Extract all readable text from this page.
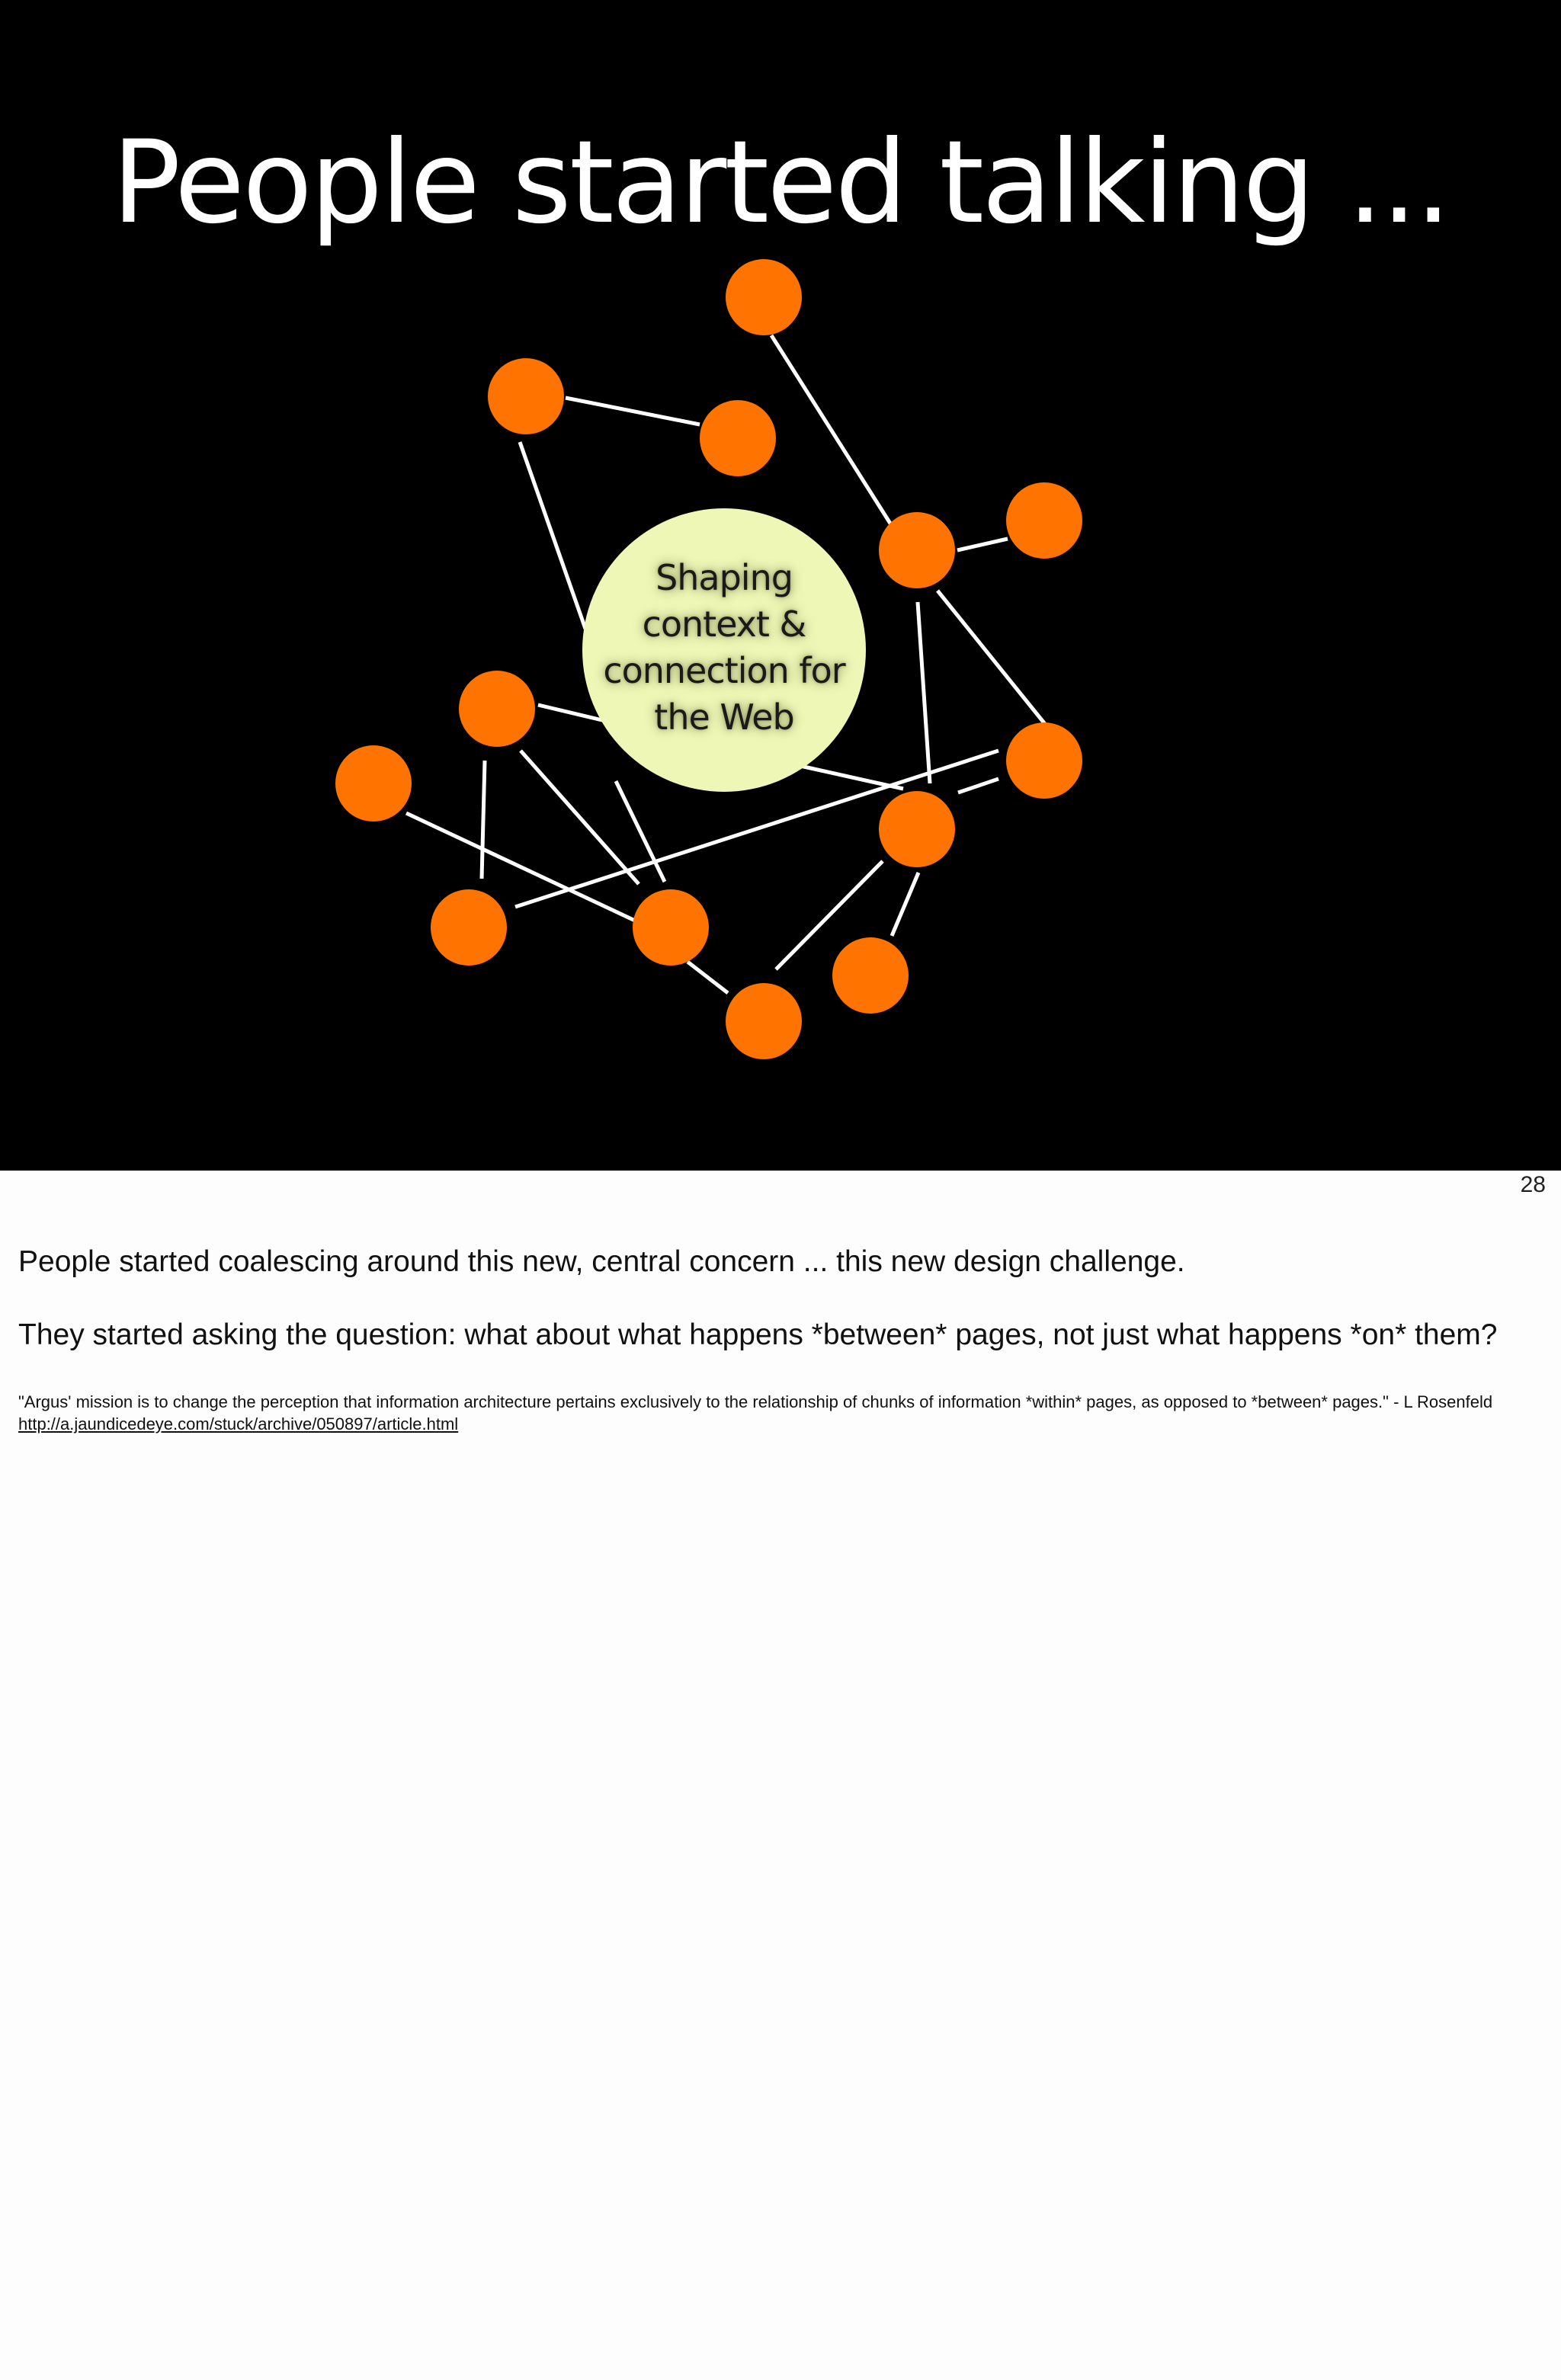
People started talking ...
Shaping
context &
connection for
the Web
28

People started coalescing around this new, central concern ... this new design challenge.

They started asking the question: what about what happens *between* pages, not just what happens *on* them?

"Argus' mission is to change the perception that information architecture pertains exclusively to the relationship of chunks of information *within* pages, as opposed to *between* pages." - L Rosenfeld

http://a.jaundicedeye.com/stuck/archive/050897/article.html
